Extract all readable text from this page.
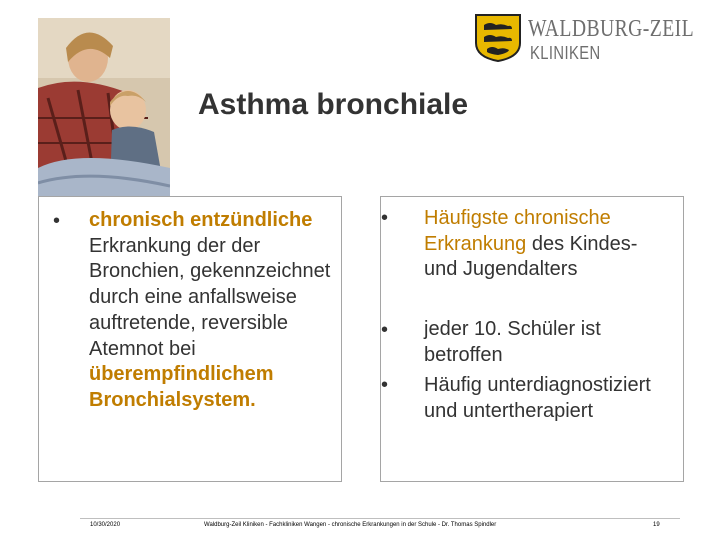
WALDBURG-ZEIL
KLINIKEN
Asthma bronchiale
• chronisch entzündliche Erkrankung der der Bronchien, gekennzeichnet durch eine anfallsweise auftretende, reversible Atemnot bei überempfindlichem Bronchialsystem.
• Häufigste chronische Erkrankung des Kindes- und Jugendalters
• jeder 10. Schüler ist betroffen
• Häufig unterdiagnostiziert und untertherapiert
10/30/2020	Waldburg-Zeil Kliniken - Fachkliniken Wangen - chronische Erkrankungen in der Schule - Dr. Thomas Spindler	19
